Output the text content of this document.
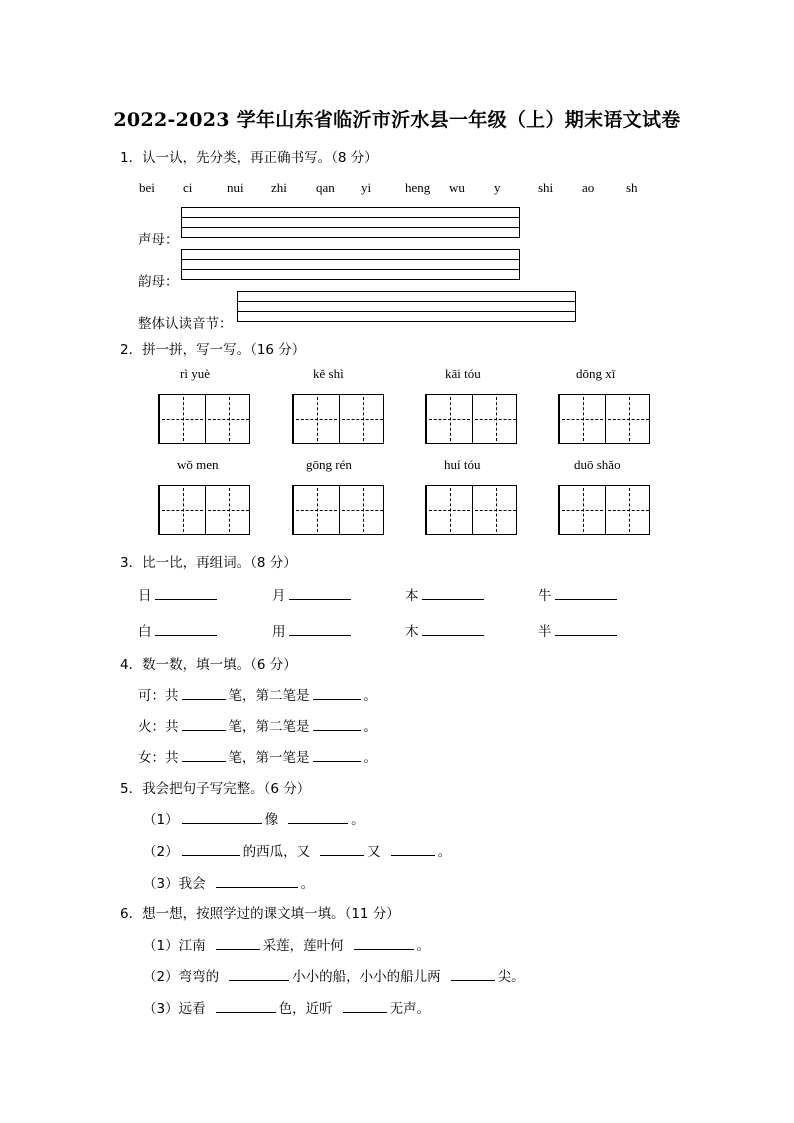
2022-2023 学年山东省临沂市沂水县一年级（上）期末语文试卷
1．认一认，先分类，再正确书写。（8 分）
bei ci	nui zhi qan yi	heng wu y	shi ao sh
声母：
韵母：
整体认读音节：
2．拼一拼，写一写。（16 分）
rì yuè	kě shì	kāi tóu	dōng xī
wǒ men	gōng rén	huí tóu	duō shǎo
3．比一比，再组词。（8 分）
日	月	本	牛
白	用	木	半
4．数一数，填一填。（6 分）
可：共	笔，第二笔是	。
火：共	笔，第二笔是	。
女：共	笔，第一笔是	。
5．我会把句子写完整。（6 分）
（1）	像	。
（2）	的西瓜，又	又	。
（3）我会	。
6．想一想，按照学过的课文填一填。（11 分）
（1）江南	采莲，莲叶何	。
（2）弯弯的	小小的船，小小的船儿两	尖。
（3）远看	色，近听	无声。
